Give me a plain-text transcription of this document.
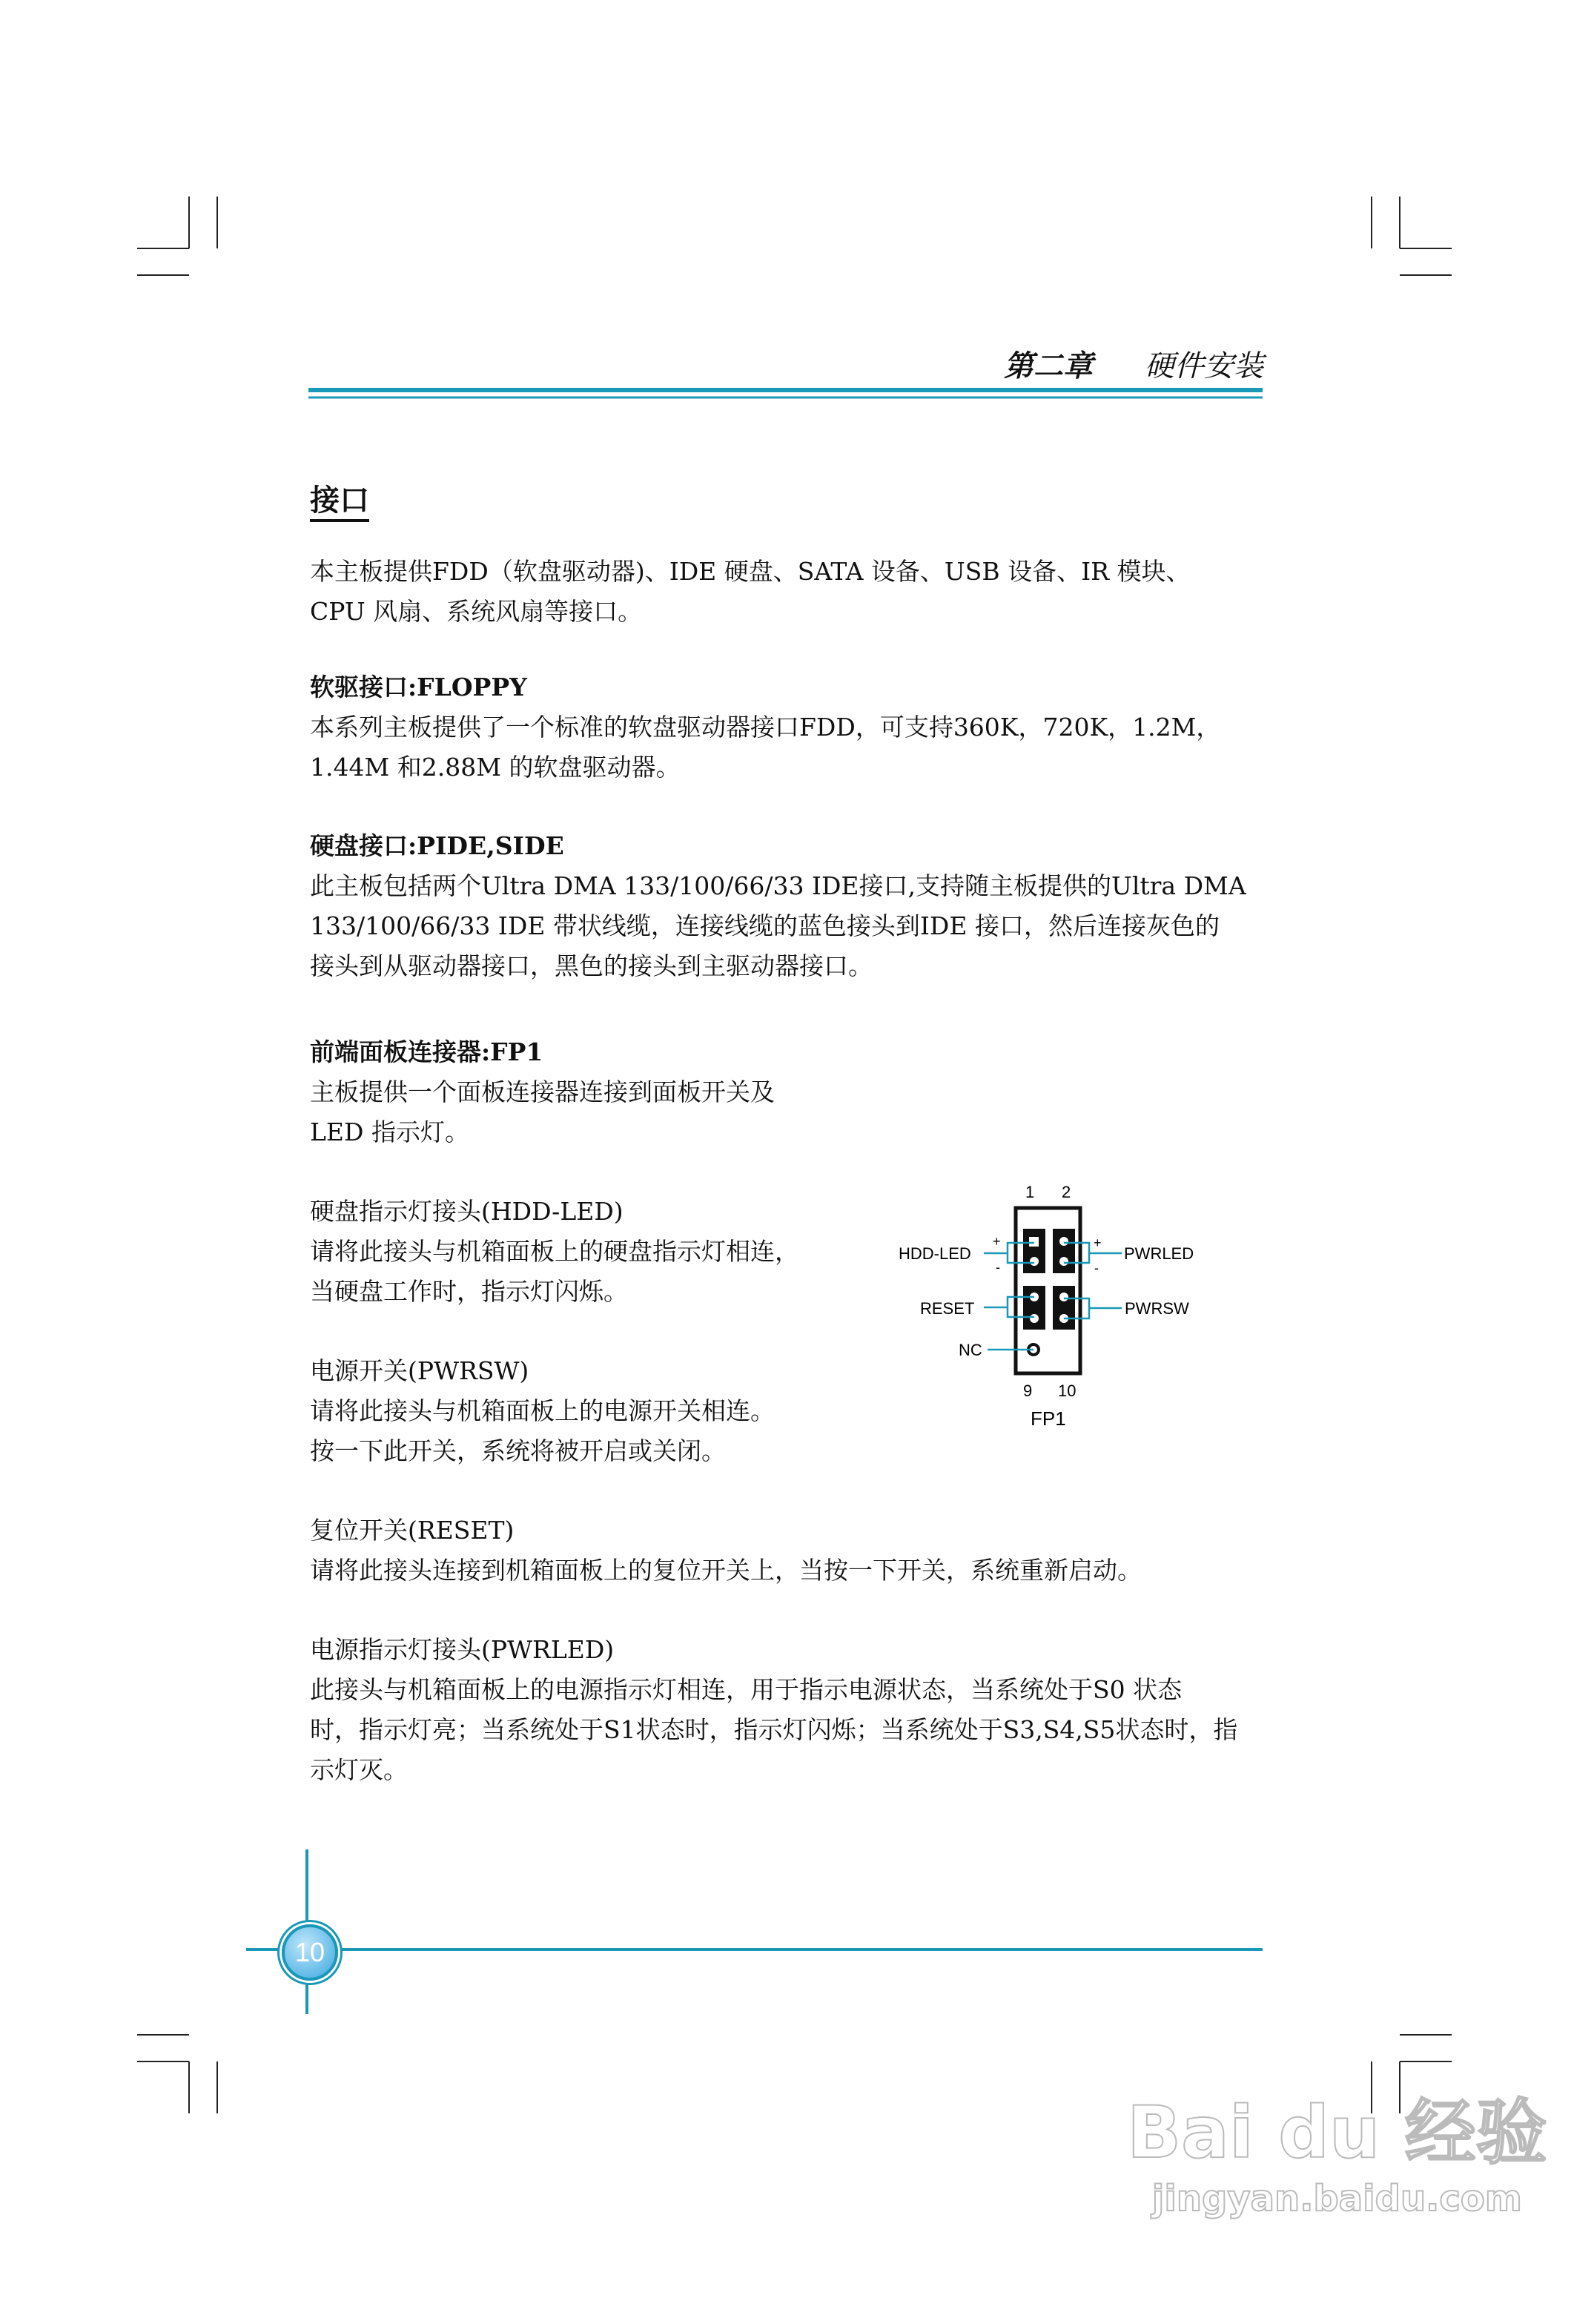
第二章 硬件安装
接口
本主板提供FDD（软盘驱动器)、IDE 硬盘、SATA 设备、USB 设备、IR 模块、
CPU 风扇、系统风扇等接口。
软驱接口:FLOPPY
本系列主板提供了一个标准的软盘驱动器接口FDD，可支持360K，720K，1.2M，
1.44M 和2.88M 的软盘驱动器。
硬盘接口:PIDE,SIDE
此主板包括两个Ultra DMA 133/100/66/33 IDE接口,支持随主板提供的Ultra DMA
133/100/66/33 IDE 带状线缆，连接线缆的蓝色接头到IDE 接口，然后连接灰色的
接头到从驱动器接口，黑色的接头到主驱动器接口。
前端面板连接器:FP1
主板提供一个面板连接器连接到面板开关及
LED 指示灯。
硬盘指示灯接头(HDD-LED)
请将此接头与机箱面板上的硬盘指示灯相连，
当硬盘工作时，指示灯闪烁。
电源开关(PWRSW)
请将此接头与机箱面板上的电源开关相连。
按一下此开关，系统将被开启或关闭。
复位开关(RESET)
请将此接头连接到机箱面板上的复位开关上，当按一下开关，系统重新启动。
电源指示灯接头(PWRLED)
此接头与机箱面板上的电源指示灯相连，用于指示电源状态，当系统处于S0 状态
时，指示灯亮；当系统处于S1状态时，指示灯闪烁；当系统处于S3,S4,S5状态时，指
示灯灭。
1 2
9 10
+
-
+
-
HDD-LED
RESET
NC
PWRLED
PWRSW
FP1
10
Bai du 经验
jingyan.baidu.com
